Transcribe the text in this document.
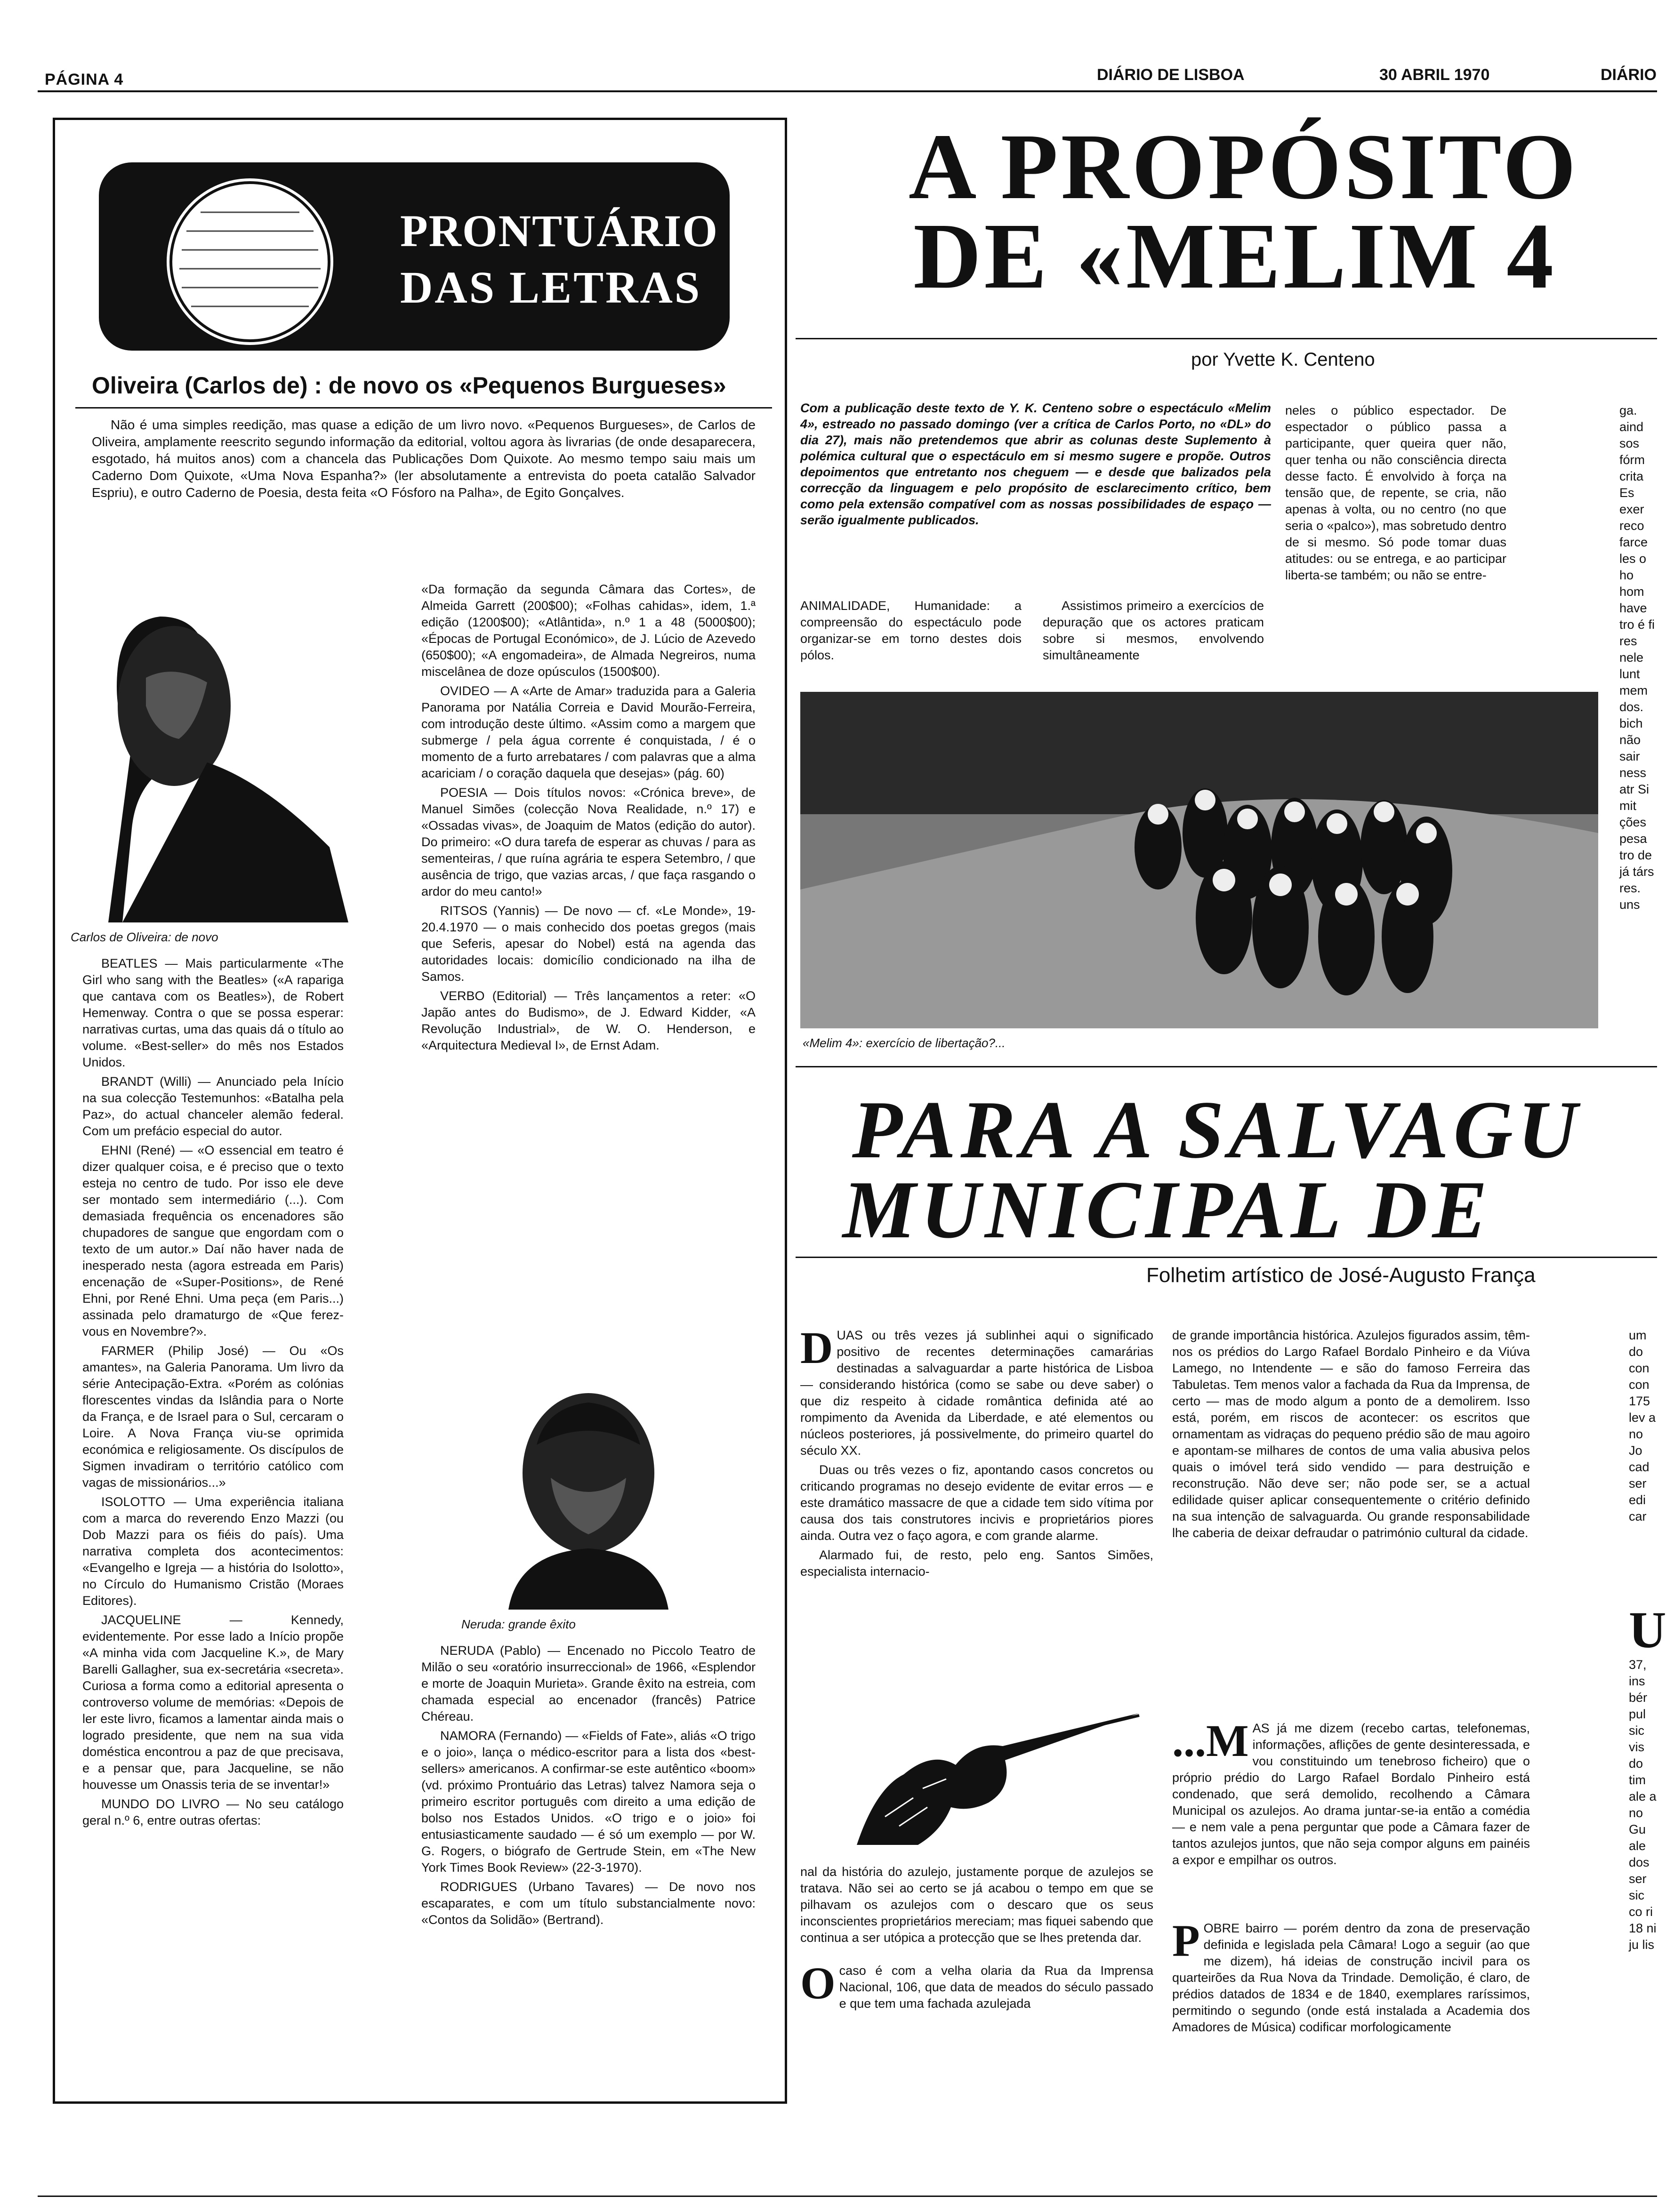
PÁGINA 4	DIÁRIO DE LISBOA	30 ABRIL 1970	DIÁRIO
PRONTUÁRIO
DAS LETRAS
Oliveira (Carlos de) : de novo os «Pequenos Burgueses»

Não é uma simples reedição, mas quase a edição de um livro novo. «Pequenos Burgueses», de Carlos de Oliveira, amplamente reescrito segundo informação da editorial, voltou agora às livrarias (de onde desaparecera, esgotado, há muitos anos) com a chancela das Publicações Dom Quixote. Ao mesmo tempo saiu mais um Caderno Dom Quixote, «Uma Nova Espanha?» (ler absolutamente a entrevista do poeta catalão Salvador Espriu), e outro Caderno de Poesia, desta feita «O Fósforo na Palha», de Egito Gonçalves.

Carlos de Oliveira: de novo

BEATLES — Mais particularmente «The Girl who sang with the Beatles» («A rapariga que cantava com os Beatles»), de Robert Hemenway. Contra o que se possa esperar: narrativas curtas, uma das quais dá o título ao volume. «Best-seller» do mês nos Estados Unidos.

BRANDT (Willi) — Anunciado pela Início na sua colecção Testemunhos: «Batalha pela Paz», do actual chanceler alemão federal. Com um prefácio especial do autor.

EHNI (René) — «O essencial em teatro é dizer qualquer coisa, e é preciso que o texto esteja no centro de tudo. Por isso ele deve ser montado sem intermediário (...). Com demasiada frequência os encenadores são chupadores de sangue que engordam com o texto de um autor.» Daí não haver nada de inesperado nesta (agora estreada em Paris) encenação de «Super-Positions», de René Ehni, por René Ehni. Uma peça (em Paris...) assinada pelo dramaturgo de «Que ferez-vous en Novembre?».

FARMER (Philip José) — Ou «Os amantes», na Galeria Panorama. Um livro da série Antecipação-Extra. «Porém as colónias florescentes vindas da Islândia para o Norte da França, e de Israel para o Sul, cercaram o Loire. A Nova França viu-se oprimida económica e religiosamente. Os discípulos de Sigmen invadiram o território católico com vagas de missionários...»

ISOLOTTO — Uma experiência italiana com a marca do reverendo Enzo Mazzi (ou Dob Mazzi para os fiéis do país). Uma narrativa completa dos acontecimentos: «Evangelho e Igreja — a história do Isolotto», no Círculo do Humanismo Cristão (Moraes Editores).

JACQUELINE — Kennedy, evidentemente. Por esse lado a Início propõe «A minha vida com Jacqueline K.», de Mary Barelli Gallagher, sua ex-secretária «secreta». Curiosa a forma como a editorial apresenta o controverso volume de memórias: «Depois de ler este livro, ficamos a lamentar ainda mais o logrado presidente, que nem na sua vida doméstica encontrou a paz de que precisava, e a pensar que, para Jacqueline, se não houvesse um Onassis teria de se inventar!»

MUNDO DO LIVRO — No seu catálogo geral n.º 6, entre outras ofertas:

«Da formação da segunda Câmara das Cortes», de Almeida Garrett (200$00); «Folhas cahidas», idem, 1.ª edição (1200$00); «Atlântida», n.º 1 a 48 (5000$00); «Épocas de Portugal Económico», de J. Lúcio de Azevedo (650$00); «A engomadeira», de Almada Negreiros, numa miscelânea de doze opúsculos (1500$00).

OVIDEO — A «Arte de Amar» traduzida para a Galeria Panorama por Natália Correia e David Mourão-Ferreira, com introdução deste último. «Assim como a margem que submerge / pela água corrente é conquistada, / é o momento de a furto arrebatares / com palavras que a alma acariciam / o coração daquela que desejas» (pág. 60)

POESIA — Dois títulos novos: «Crónica breve», de Manuel Simões (colecção Nova Realidade, n.º 17) e «Ossadas vivas», de Joaquim de Matos (edição do autor). Do primeiro: «O dura tarefa de esperar as chuvas / para as sementeiras, / que ruína agrária te espera Setembro, / que ausência de trigo, que vazias arcas, / que faça rasgando o ardor do meu canto!»

RITSOS (Yannis) — De novo — cf. «Le Monde», 19-20.4.1970 — o mais conhecido dos poetas gregos (mais que Seferis, apesar do Nobel) está na agenda das autoridades locais: domicílio condicionado na ilha de Samos.

VERBO (Editorial) — Três lançamentos a reter: «O Japão antes do Budismo», de J. Edward Kidder, «A Revolução Industrial», de W. O. Henderson, e «Arquitectura Medieval I», de Ernst Adam.

Neruda: grande êxito

NERUDA (Pablo) — Encenado no Piccolo Teatro de Milão o seu «oratório insurreccional» de 1966, «Esplendor e morte de Joaquin Murieta». Grande êxito na estreia, com chamada especial ao encenador (francês) Patrice Chéreau.

NAMORA (Fernando) — «Fields of Fate», aliás «O trigo e o joio», lança o médico-escritor para a lista dos «best-sellers» americanos. A confirmar-se este autêntico «boom» (vd. próximo Prontuário das Letras) talvez Namora seja o primeiro escritor português com direito a uma edição de bolso nos Estados Unidos. «O trigo e o joio» foi entusiasticamente saudado — é só um exemplo — por W. G. Rogers, o biógrafo de Gertrude Stein, em «The New York Times Book Review» (22-3-1970).

RODRIGUES (Urbano Tavares) — De novo nos escaparates, e com um título substancialmente novo: «Contos da Solidão» (Bertrand).

A PROPÓSITO
DE «MELIM 4
por Yvette K. Centeno

Com a publicação deste texto de Y. K. Centeno sobre o espectáculo «Melim 4», estreado no passado domingo (ver a crítica de Carlos Porto, no «DL» do dia 27), mais não pretendemos que abrir as colunas deste Suplemento à polémica cultural que o espectáculo em si mesmo sugere e propõe. Outros depoimentos que entretanto nos cheguem — e desde que balizados pela correcção da linguagem e pelo propósito de esclarecimento crítico, bem como pela extensão compatível com as nossas possibilidades de espaço — serão igualmente publicados.

ANIMALIDADE, Humanidade: a compreensão do espectáculo pode organizar-se em torno destes dois pólos.

Assistimos primeiro a exercícios de depuração que os actores praticam sobre si mesmos, envolvendo simultâneamente

neles o público espectador. De espectador o público passa a participante, quer queira quer não, quer tenha ou não consciência directa desse facto. É envolvido à força na tensão que, de repente, se cria, não apenas à volta, ou no centro (no que seria o «palco»), mas sobretudo dentro de si mesmo. Só pode tomar duas atitudes: ou se entrega, e ao participar liberta-se também; ou não se entre-

ga. aind sos fórm crita Es exer reco farce les o ho hom have tro é fi res nele lunt mem dos. bich não sair ness atr Si mit ções pesa tro de já társ res. uns

«Melim 4»: exercício de libertação?...
PARA A SALVAGU
MUNICIPAL DE
Folhetim artístico de José-Augusto França

DUAS ou três vezes já sublinhei aqui o significado positivo de recentes determinações camarárias destinadas a salvaguardar a parte histórica de Lisboa — considerando histórica (como se sabe ou deve saber) o que diz respeito à cidade romântica definida até ao rompimento da Avenida da Liberdade, e até elementos ou núcleos posteriores, já possivelmente, do primeiro quartel do século XX.

Duas ou três vezes o fiz, apontando casos concretos ou criticando programas no desejo evidente de evitar erros — e este dramático massacre de que a cidade tem sido vítima por causa dos tais construtores incivis e proprietários piores ainda. Outra vez o faço agora, e com grande alarme.

Alarmado fui, de resto, pelo eng. Santos Simões, especialista internacio-

nal da história do azulejo, justamente porque de azulejos se tratava. Não sei ao certo se já acabou o tempo em que se pilhavam os azulejos com o descaro que os seus inconscientes proprietários mereciam; mas fiquei sabendo que continua a ser utópica a protecção que se lhes pretenda dar.

Ocaso é com a velha olaria da Rua da Imprensa Nacional, 106, que data de meados do século passado e que tem uma fachada azulejada

de grande importância histórica. Azulejos figurados assim, têm-nos os prédios do Largo Rafael Bordalo Pinheiro e da Viúva Lamego, no Intendente — e são do famoso Ferreira das Tabuletas. Tem menos valor a fachada da Rua da Imprensa, de certo — mas de modo algum a ponto de a demolirem. Isso está, porém, em riscos de acontecer: os escritos que ornamentam as vidraças do pequeno prédio são de mau agoiro e apontam-se milhares de contos de uma valia abusiva pelos quais o imóvel terá sido vendido — para destruição e reconstrução. Não deve ser; não pode ser, se a actual edilidade quiser aplicar consequentemente o critério definido na sua intenção de salvaguarda. Ou grande responsabilidade lhe caberia de deixar defraudar o património cultural da cidade.

...M AS já me dizem (recebo cartas, telefonemas, informações, aflições de gente desinteressada, e vou constituindo um tenebroso ficheiro) que o próprio prédio do Largo Rafael Bordalo Pinheiro está condenado, que será demolido, recolhendo a Câmara Municipal os azulejos. Ao drama juntar-se-ia então a comédia — e nem vale a pena perguntar que pode a Câmara fazer de tantos azulejos juntos, que não seja compor alguns em painéis a expor e empilhar os outros.

POBRE bairro — porém dentro da zona de preservação definida e legislada pela Câmara! Logo a seguir (ao que me dizem), há ideias de construção incivil para os quarteirões da Rua Nova da Trindade. Demolição, é claro, de prédios datados de 1834 e de 1840, exemplares raríssimos, permitindo o segundo (onde está instalada a Academia dos Amadores de Música) codificar morfologicamente

um do con con 175 lev a no Jo cad ser edi car

U

37, ins bér pul sic vis do tim ale a no Gu ale dos ser sic co ri 18 ni ju lis
